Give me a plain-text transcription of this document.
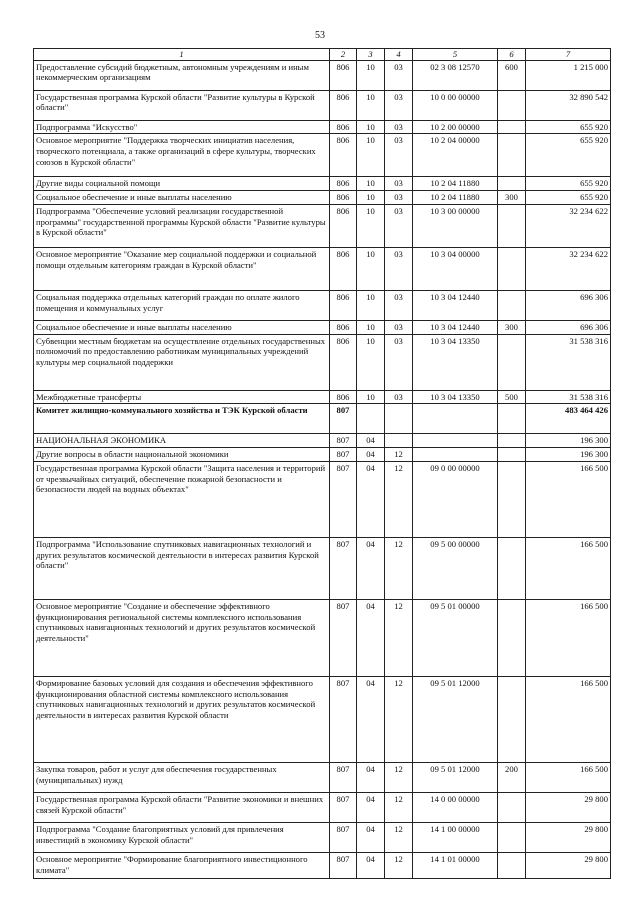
53
1	2	3	4	5	6	7
Предоставление субсидий бюджетным, автономным учреждениям и иным некоммерческим организациям	806	10	03	02 3 08 12570	600	1 215 000
Государственная программа Курской области "Развитие культуры в Курской области"	806	10	03	10 0 00 00000		32 890 542
Подпрограмма "Искусство"	806	10	03	10 2 00 00000		655 920
Основное мероприятие "Поддержка творческих инициатив населения, творческого потенциала, а также организаций в сфере культуры, творческих союзов в Курской области"	806	10	03	10 2 04 00000		655 920
Другие виды социальной помощи	806	10	03	10 2 04 11880		655 920
Социальное обеспечение и иные выплаты населению	806	10	03	10 2 04 11880	300	655 920
Подпрограмма "Обеспечение условий реализации государственной программы" государственной программы Курской области "Развитие культуры в Курской области"	806	10	03	10 3 00 00000		32 234 622
Основное мероприятие "Оказание мер социальной поддержки и социальной помощи отдельным категориям граждан в Курской области"	806	10	03	10 3 04 00000		32 234 622
Социальная поддержка отдельных категорий граждан по оплате жилого помещения и коммунальных услуг	806	10	03	10 3 04 12440		696 306
Социальное обеспечение и иные выплаты населению	806	10	03	10 3 04 12440	300	696 306
Субвенции местным бюджетам на осуществление отдельных государственных полномочий по предоставлению работникам муниципальных учреждений культуры мер социальной поддержки	806	10	03	10 3 04 13350		31 538 316
Межбюджетные трансферты	806	10	03	10 3 04 13350	500	31 538 316
Комитет жилищно-коммунального хозяйства и ТЭК Курской области	807					483 464 426
НАЦИОНАЛЬНАЯ ЭКОНОМИКА	807	04				196 300
Другие вопросы в области национальной экономики	807	04	12			196 300
Государственная программа Курской области "Защита населения и территорий от чрезвычайных ситуаций, обеспечение пожарной безопасности и безопасности людей на водных объектах"	807	04	12	09 0 00 00000		166 500
Подпрограмма "Использование спутниковых навигационных технологий и других результатов космической деятельности в интересах развития Курской области"	807	04	12	09 5 00 00000		166 500
Основное мероприятие "Создание и обеспечение эффективного функционирования региональной системы комплексного использования спутниковых навигационных технологий и других результатов космической деятельности"	807	04	12	09 5 01 00000		166 500
Формирование базовых условий для создания и обеспечения эффективного функционирования областной системы комплексного использования спутниковых навигационных технологий и других результатов космической деятельности в интересах развития Курской области	807	04	12	09 5 01 12000		166 500
Закупка товаров, работ и услуг для обеспечения государственных (муниципальных) нужд	807	04	12	09 5 01 12000	200	166 500
Государственная программа Курской области "Развитие экономики и внешних связей Курской области"	807	04	12	14 0 00 00000		29 800
Подпрограмма "Создание благоприятных условий для привлечения инвестиций в экономику Курской области"	807	04	12	14 1 00 00000		29 800
Основное мероприятие "Формирование благоприятного инвестиционного климата"	807	04	12	14 1 01 00000		29 800
